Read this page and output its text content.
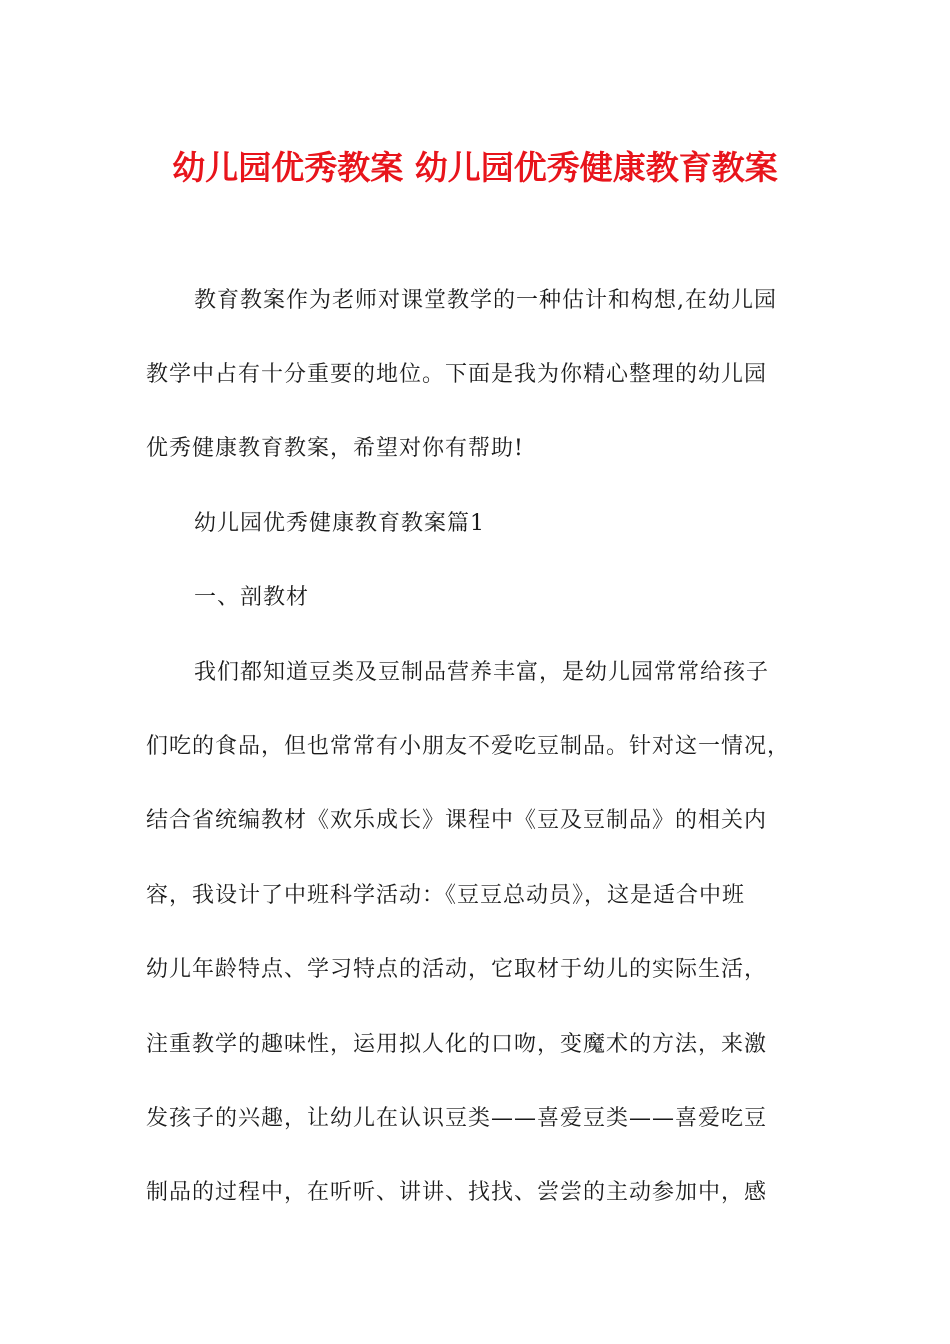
幼儿园优秀教案 幼儿园优秀健康教育教案
教育教案作为老师对课堂教学的一种估计和构想,在幼儿园
教学中占有十分重要的地位。下面是我为你精心整理的幼儿园
优秀健康教育教案，希望对你有帮助!
幼儿园优秀健康教育教案篇1
一、剖教材
我们都知道豆类及豆制品营养丰富，是幼儿园常常给孩子
们吃的食品，但也常常有小朋友不爱吃豆制品。针对这一情况，
结合省统编教材《欢乐成长》课程中《豆及豆制品》的相关内
容，我设计了中班科学活动：《豆豆总动员》，这是适合中班
幼儿年龄特点、学习特点的活动，它取材于幼儿的实际生活，
注重教学的趣味性，运用拟人化的口吻，变魔术的方法，来激
发孩子的兴趣，让幼儿在认识豆类——喜爱豆类——喜爱吃豆
制品的过程中，在听听、讲讲、找找、尝尝的主动参加中，感
